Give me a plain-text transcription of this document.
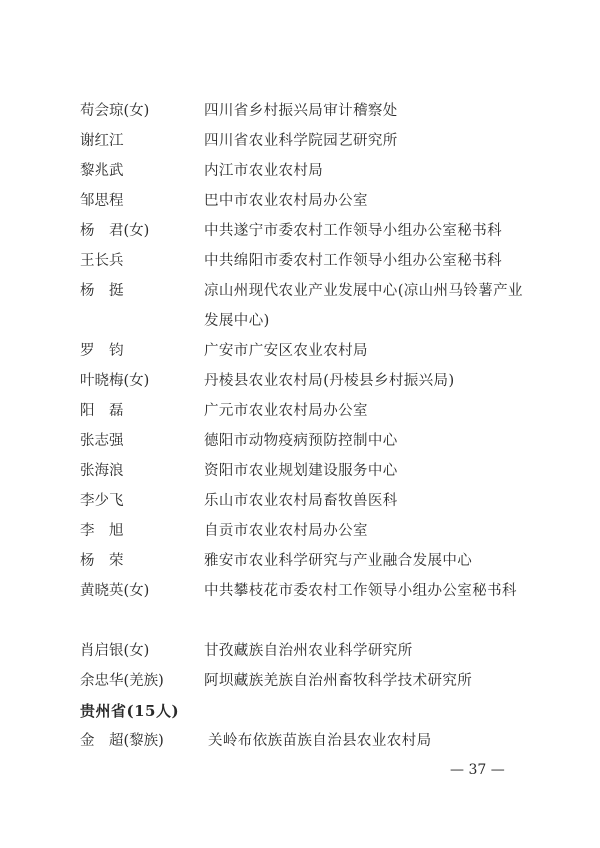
苟会琼(女)	四川省乡村振兴局审计稽察处
谢红江	四川省农业科学院园艺研究所
黎兆武	内江市农业农村局
邹思程	巴中市农业农村局办公室
杨　君(女)	中共遂宁市委农村工作领导小组办公室秘书科
王长兵	中共绵阳市委农村工作领导小组办公室秘书科
杨　挺	凉山州现代农业产业发展中心(凉山州马铃薯产业发展中心)
罗　钧	广安市广安区农业农村局
叶晓梅(女)	丹棱县农业农村局(丹棱县乡村振兴局)
阳　磊	广元市农业农村局办公室
张志强	德阳市动物疫病预防控制中心
张海浪	资阳市农业规划建设服务中心
李少飞	乐山市农业农村局畜牧兽医科
李　旭	自贡市农业农村局办公室
杨　荣	雅安市农业科学研究与产业融合发展中心
黄晓英(女)	中共攀枝花市委农村工作领导小组办公室秘书科
肖启银(女)	甘孜藏族自治州农业科学研究所
余忠华(羌族)	阿坝藏族羌族自治州畜牧科学技术研究所
贵州省(15人)
金　超(黎族)	关岭布依族苗族自治县农业农村局
— 37 —
